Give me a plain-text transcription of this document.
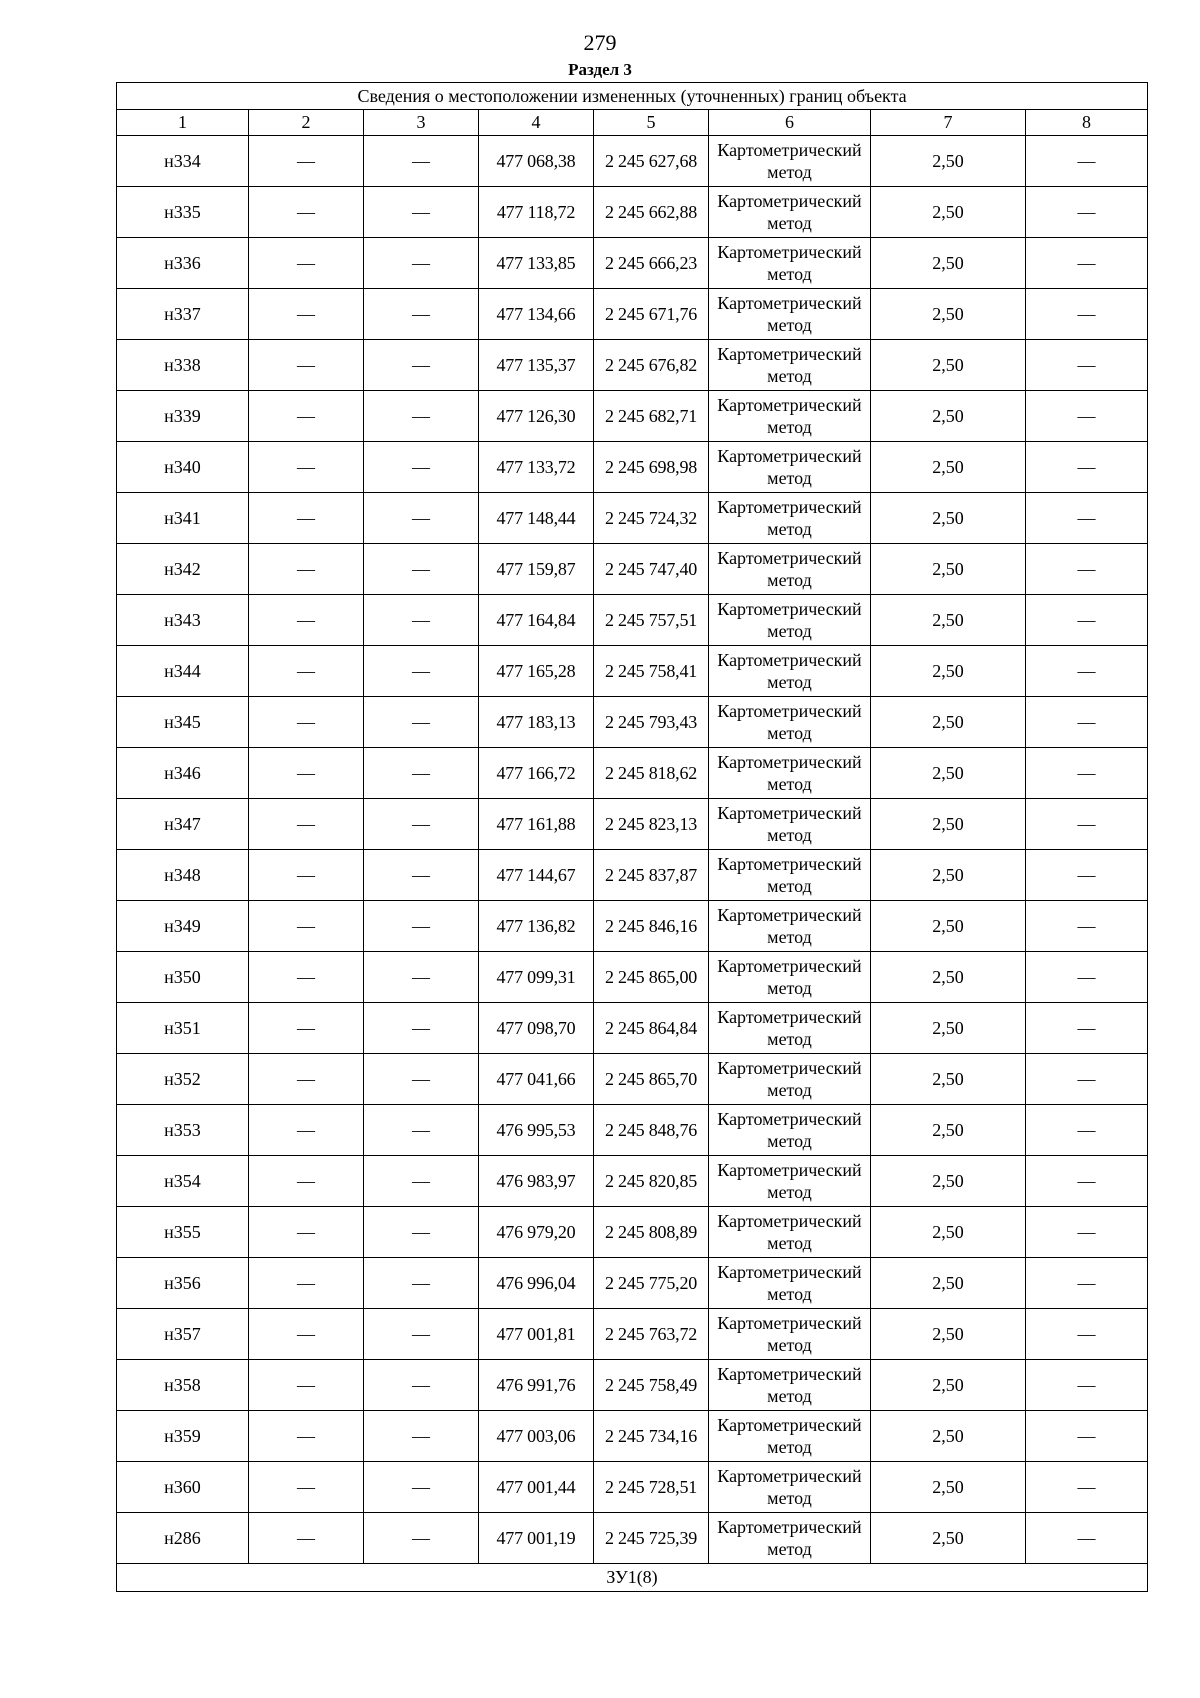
279
Раздел 3
Сведения о местоположении измененных (уточненных) границ объекта							
1	2	3	4	5	6	7	8
н334	—	—	477 068,38	2 245 627,68	Картометрический метод	2,50	—
н335	—	—	477 118,72	2 245 662,88	Картометрический метод	2,50	—
н336	—	—	477 133,85	2 245 666,23	Картометрический метод	2,50	—
н337	—	—	477 134,66	2 245 671,76	Картометрический метод	2,50	—
н338	—	—	477 135,37	2 245 676,82	Картометрический метод	2,50	—
н339	—	—	477 126,30	2 245 682,71	Картометрический метод	2,50	—
н340	—	—	477 133,72	2 245 698,98	Картометрический метод	2,50	—
н341	—	—	477 148,44	2 245 724,32	Картометрический метод	2,50	—
н342	—	—	477 159,87	2 245 747,40	Картометрический метод	2,50	—
н343	—	—	477 164,84	2 245 757,51	Картометрический метод	2,50	—
н344	—	—	477 165,28	2 245 758,41	Картометрический метод	2,50	—
н345	—	—	477 183,13	2 245 793,43	Картометрический метод	2,50	—
н346	—	—	477 166,72	2 245 818,62	Картометрический метод	2,50	—
н347	—	—	477 161,88	2 245 823,13	Картометрический метод	2,50	—
н348	—	—	477 144,67	2 245 837,87	Картометрический метод	2,50	—
н349	—	—	477 136,82	2 245 846,16	Картометрический метод	2,50	—
н350	—	—	477 099,31	2 245 865,00	Картометрический метод	2,50	—
н351	—	—	477 098,70	2 245 864,84	Картометрический метод	2,50	—
н352	—	—	477 041,66	2 245 865,70	Картометрический метод	2,50	—
н353	—	—	476 995,53	2 245 848,76	Картометрический метод	2,50	—
н354	—	—	476 983,97	2 245 820,85	Картометрический метод	2,50	—
н355	—	—	476 979,20	2 245 808,89	Картометрический метод	2,50	—
н356	—	—	476 996,04	2 245 775,20	Картометрический метод	2,50	—
н357	—	—	477 001,81	2 245 763,72	Картометрический метод	2,50	—
н358	—	—	476 991,76	2 245 758,49	Картометрический метод	2,50	—
н359	—	—	477 003,06	2 245 734,16	Картометрический метод	2,50	—
н360	—	—	477 001,44	2 245 728,51	Картометрический метод	2,50	—
н286	—	—	477 001,19	2 245 725,39	Картометрический метод	2,50	—
ЗУ1(8)							
